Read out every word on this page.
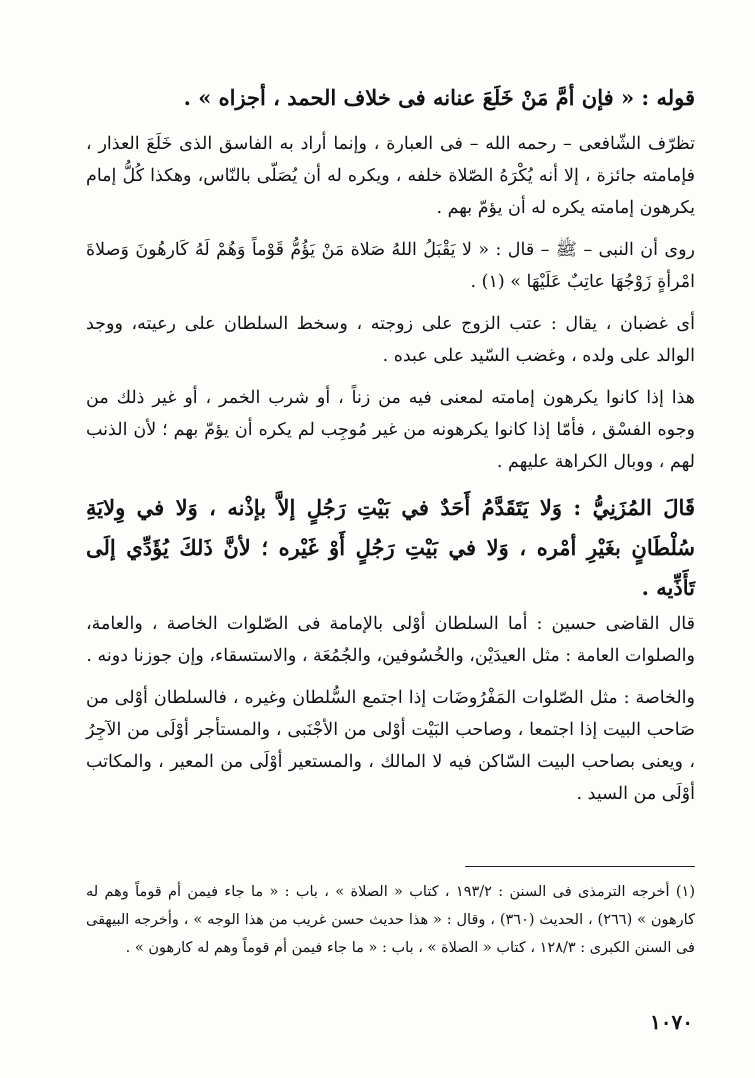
قوله : « فإن أمَّ مَنْ خَلَعَ عنانه فى خلاف الحمد ، أجزاه » .

تظرّف الشّافعى – رحمه الله – فى العبارة ، وإنما أراد به الفاسق الذى خَلَعَ العذار ، فإمامته جائزة ، إلا أنه يُكْرَهُ الصّلاة خلفه ، ويكره له أن يُصَلّى بالنّاس، وهكذا كُلُّ إمام يكرهون إمامته يكره له أن يؤمّ بهم .

روى أن النبى – ﷺ – قال : « لا يَقْبَلُ اللهُ صَلاة مَنْ يَؤُمُّ قَوْماً وَهُمْ لَهُ كَارهُونَ وَصلاةَ امْرأةٍ زَوْجُهَا عاتِبٌ عَلَيْهَا » (١) .

أى غضبان ، يقال : عتب الزوج على زوجته ، وسخط السلطان على رعيته، ووجد الوالد على ولده ، وغضب السّيد على عبده .

هذا إذا كانوا يكرهون إمامته لمعنى فيه من زناً ، أو شرب الخمر ، أو غير ذلك من وجوه الفسْق ، فأمّا إذا كانوا يكرهونه من غير مُوجِب لم يكره أن يؤمّ بهم ؛ لأن الذنب لهم ، ووبال الكراهة عليهم .

قَالَ المُزَنِيُّ : وَلا يَتَقَدَّمُ أَحَدٌ في بَيْتِ رَجُلٍ إلاَّ بإذْنه ، وَلا في وِلايَةِ سُلْطَانٍ بغَيْرِ أمْره ، وَلا في بَيْتِ رَجُلٍ أَوْ غَيْره ؛ لأنَّ ذَلكَ يُؤَدِّي إلَى تَأَذِّيه .

قال القاضى حسين : أما السلطان أوْلى بالإمامة فى الصّلوات الخاصة ، والعامة، والصلوات العامة : مثل العيدَيْن، والخُسُوفين، والجُمُعَة ، والاستسقاء، وإن جوزنا دونه .

والخاصة : مثل الصّلوات المَفْرُوضَات إذا اجتمع السُّلطان وغيره ، فالسلطان أوْلى من صَاحب البيت إذا اجتمعا ، وصاحب البَيْت أوْلى من الأجْنَبى ، والمستأجر أوْلَى من الآجِرُ ، ويعنى بصاحب البيت السّاكن فيه لا المالك ، والمستعير أوْلَى من المعير ، والمكاتب أوْلَى من السيد .

(١) أخرجه الترمذى فى السنن : ١٩٣/٢ ، كتاب « الصلاة » ، باب : « ما جاء فيمن أم قوماً وهم له كارهون » (٢٦٦) ، الحديث (٣٦٠) ، وقال : « هذا حديث حسن غريب من هذا الوجه » ، وأخرجه البيهقى فى السنن الكبرى : ١٢٨/٣ ، كتاب « الصلاة » ، باب : « ما جاء فيمن أم قوماً وهم له كارهون » .

١٠٧٠
